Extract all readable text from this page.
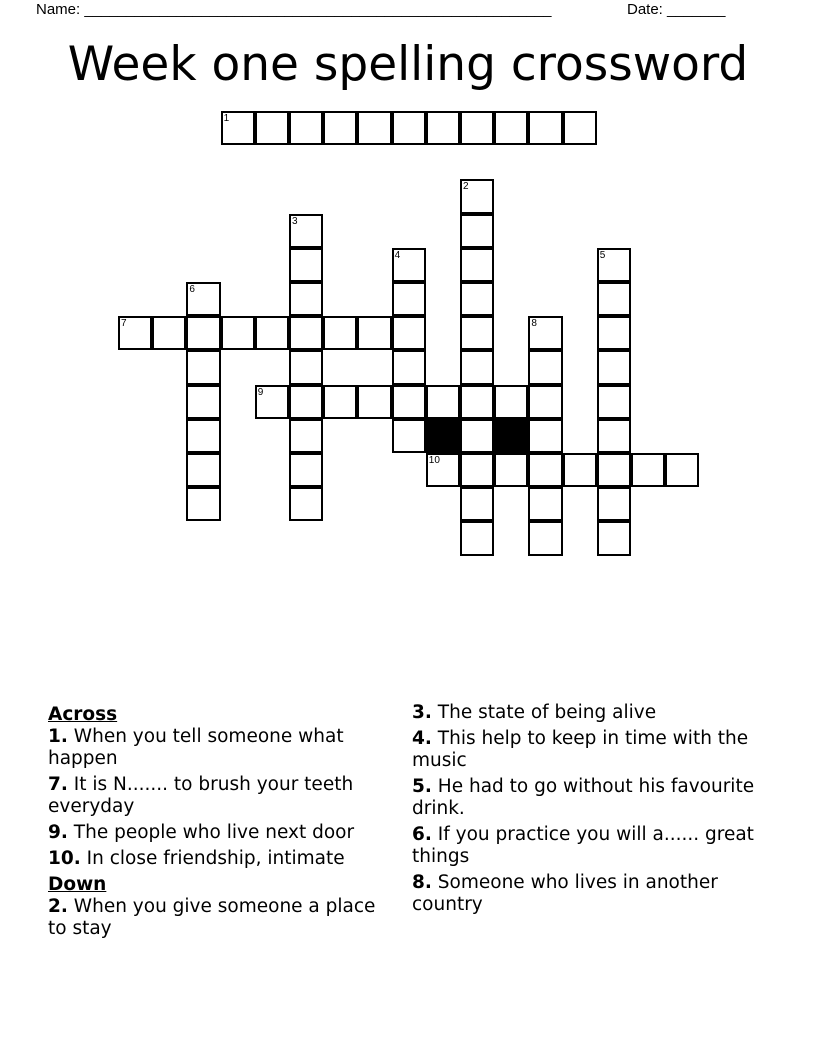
Name: ________________________________________________________	Date: _______
Week one spelling crossword
1
2
3
4	5
6
7	8
9
10
Across
1. When you tell someone what happen
7. It is N....... to brush your teeth everyday
9. The people who live next door
10. In close friendship, intimate
Down
2. When you give someone a place to stay
3. The state of being alive
4. This help to keep in time with the music
5. He had to go without his favourite drink.
6. If you practice you will a...... great things
8. Someone who lives in another country
